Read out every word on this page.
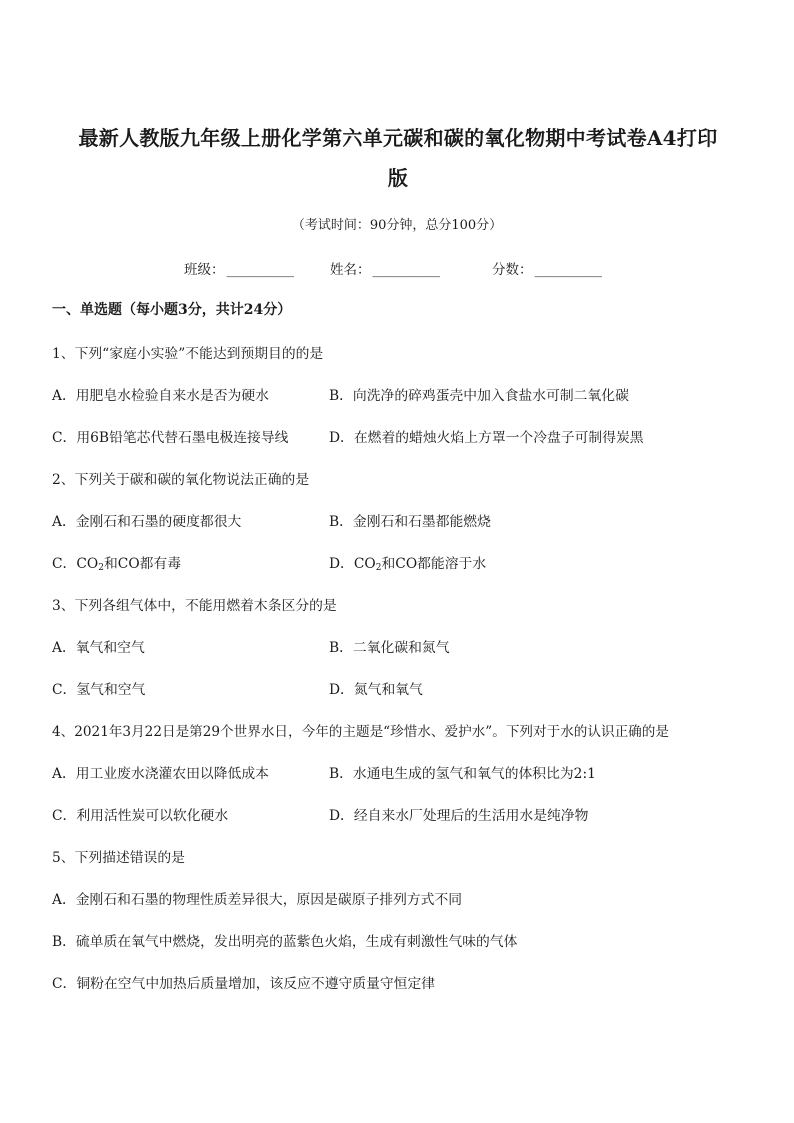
最新人教版九年级上册化学第六单元碳和碳的氧化物期中考试卷A4打印
版
（考试时间：90分钟，总分100分）
班级： __________	姓名： __________	分数： __________
一、单选题（每小题3分，共计24分）
1、下列“家庭小实验”不能达到预期目的的是
A．用肥皂水检验自来水是否为硬水	B．向洗净的碎鸡蛋壳中加入食盐水可制二氧化碳
C．用6B铅笔芯代替石墨电极连接导线	D．在燃着的蜡烛火焰上方罩一个冷盘子可制得炭黑
2、下列关于碳和碳的氧化物说法正确的是
A．金刚石和石墨的硬度都很大	B．金刚石和石墨都能燃烧
C．$CO_2$和CO都有毒	D．$CO_2$和CO都能溶于水
3、下列各组气体中，不能用燃着木条区分的是
A．氧气和空气	B．二氧化碳和氮气
C．氢气和空气	D．氮气和氧气
4、2021年3月22日是第29个世界水日，今年的主题是“珍惜水、爱护水”。下列对于水的认识正确的是
A．用工业废水浇灌农田以降低成本	B．水通电生成的氢气和氧气的体积比为2:1
C．利用活性炭可以软化硬水	D．经自来水厂处理后的生活用水是纯净物
5、下列描述错误的是
A．金刚石和石墨的物理性质差异很大，原因是碳原子排列方式不同
B．硫单质在氧气中燃烧，发出明亮的蓝紫色火焰，生成有刺激性气味的气体
C．铜粉在空气中加热后质量增加，该反应不遵守质量守恒定律
